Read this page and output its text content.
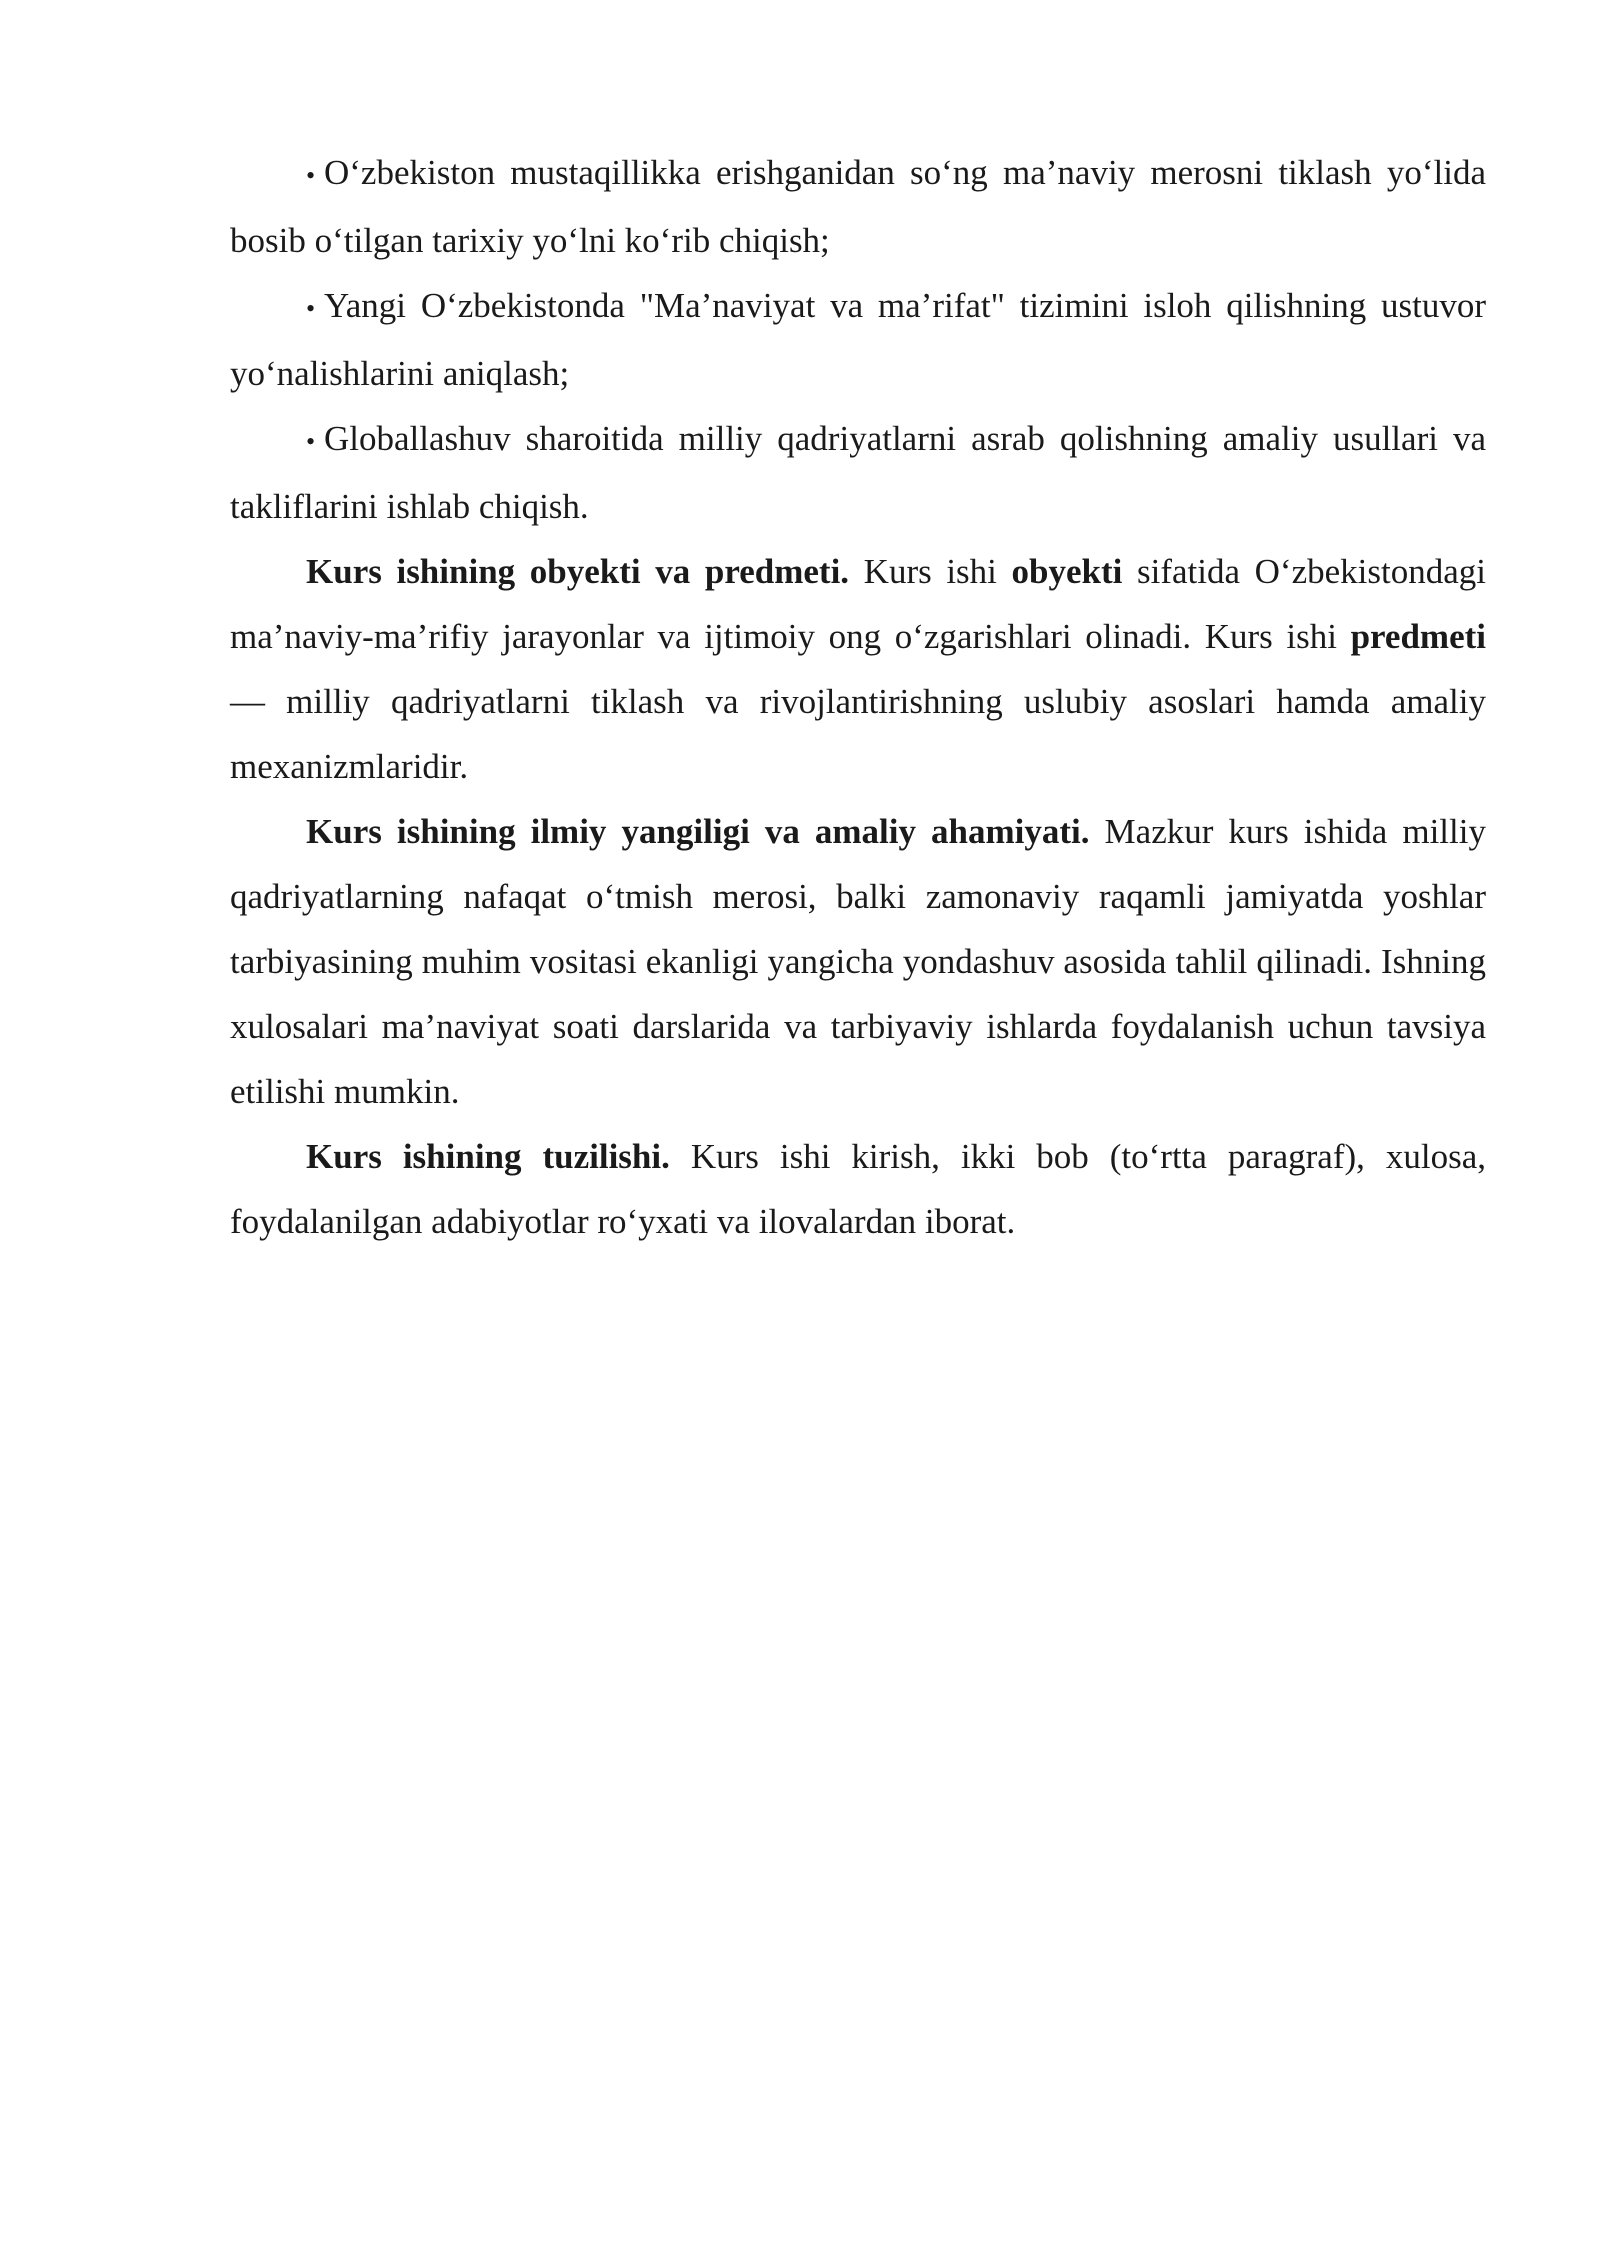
• O‘zbekiston mustaqillikka erishganidan so‘ng ma’naviy merosni tiklash yo‘lida bosib o‘tilgan tarixiy yo‘lni ko‘rib chiqish;

• Yangi O‘zbekistonda "Ma’naviyat va ma’rifat" tizimini isloh qilishning ustuvor yo‘nalishlarini aniqlash;

• Globallashuv sharoitida milliy qadriyatlarni asrab qolishning amaliy usullari va takliflarini ishlab chiqish.

Kurs ishining obyekti va predmeti. Kurs ishi obyekti sifatida O‘zbekistondagi ma’naviy-ma’rifiy jarayonlar va ijtimoiy ong o‘zgarishlari olinadi. Kurs ishi predmeti — milliy qadriyatlarni tiklash va rivojlantirishning uslubiy asoslari hamda amaliy mexanizmlaridir.

Kurs ishining ilmiy yangiligi va amaliy ahamiyati. Mazkur kurs ishida milliy qadriyatlarning nafaqat o‘tmish merosi, balki zamonaviy raqamli jamiyatda yoshlar tarbiyasining muhim vositasi ekanligi yangicha yondashuv asosida tahlil qilinadi. Ishning xulosalari ma’naviyat soati darslarida va tarbiyaviy ishlarda foydalanish uchun tavsiya etilishi mumkin.

Kurs ishining tuzilishi. Kurs ishi kirish, ikki bob (to‘rtta paragraf), xulosa, foydalanilgan adabiyotlar ro‘yxati va ilovalardan iborat.
